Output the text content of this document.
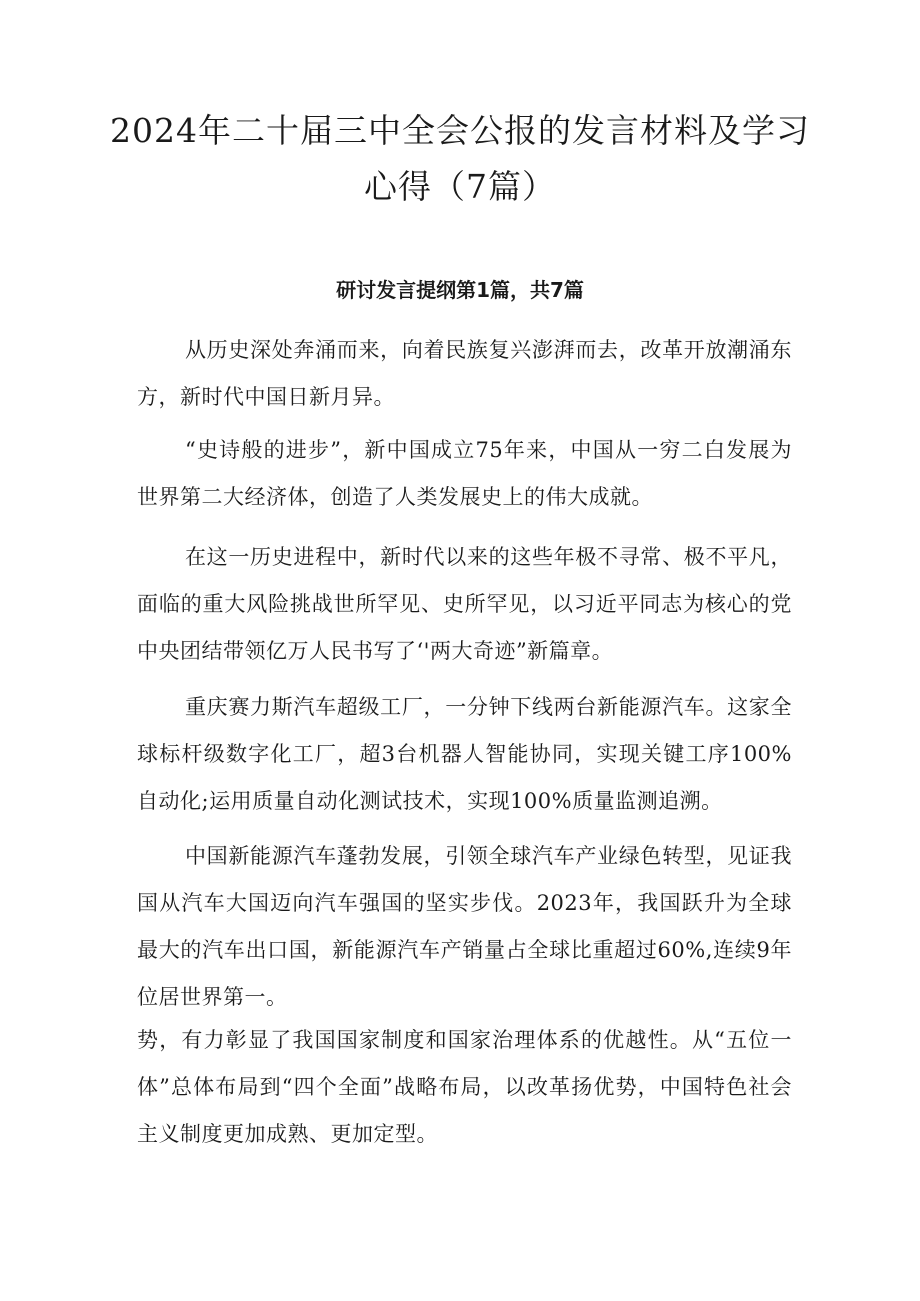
2024年二十届三中全会公报的发言材料及学习心得（7篇）
研讨发言提纲第1篇，共7篇

从历史深处奔涌而来，向着民族复兴澎湃而去，改革开放潮涌东方，新时代中国日新月异。

“史诗般的进步”，新中国成立75年来，中国从一穷二白发展为世界第二大经济体，创造了人类发展史上的伟大成就。

在这一历史进程中，新时代以来的这些年极不寻常、极不平凡，面临的重大风险挑战世所罕见、史所罕见，以习近平同志为核心的党中央团结带领亿万人民书写了‘'两大奇迹”新篇章。

重庆赛力斯汽车超级工厂，一分钟下线两台新能源汽车。这家全球标杆级数字化工厂，超3台机器人智能协同，实现关键工序100%自动化;运用质量自动化测试技术，实现100%质量监测追溯。

中国新能源汽车蓬勃发展，引领全球汽车产业绿色转型，见证我国从汽车大国迈向汽车强国的坚实步伐。2023年，我国跃升为全球最大的汽车出口国，新能源汽车产销量占全球比重超过60%,连续9年位居世界第一。

势，有力彰显了我国国家制度和国家治理体系的优越性。从“五位一体”总体布局到“四个全面”战略布局，以改革扬优势，中国特色社会主义制度更加成熟、更加定型。
